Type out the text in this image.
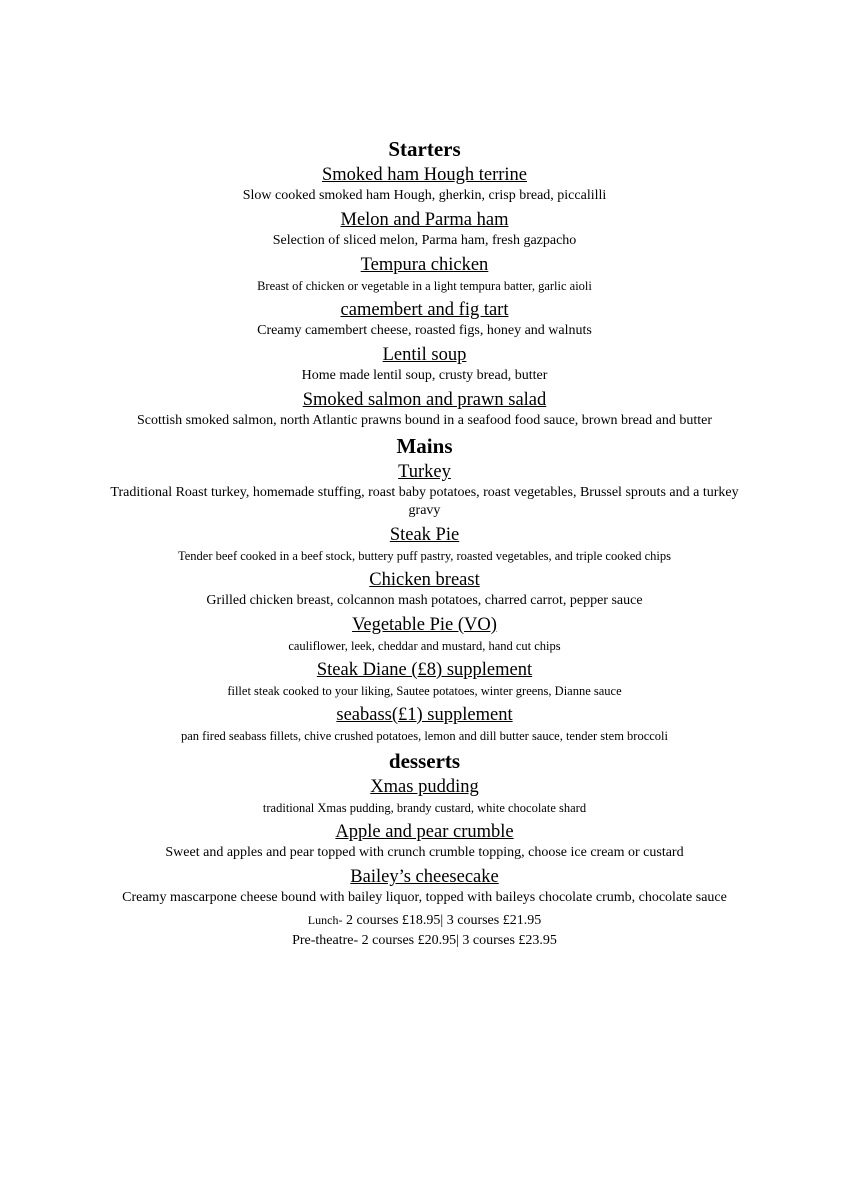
Starters

Smoked ham Hough terrine

Slow cooked smoked ham Hough, gherkin, crisp bread, piccalilli

Melon and Parma ham

Selection of sliced melon, Parma ham, fresh gazpacho

Tempura chicken

Breast of chicken or vegetable in a light tempura batter, garlic aioli

camembert and fig tart

Creamy camembert cheese, roasted figs, honey and walnuts

Lentil soup

Home made lentil soup, crusty bread, butter

Smoked salmon and prawn salad

Scottish smoked salmon, north Atlantic prawns bound in a seafood food sauce, brown bread and butter

Mains

Turkey

Traditional Roast turkey, homemade stuffing, roast baby potatoes, roast vegetables, Brussel sprouts and a turkey gravy

Steak Pie

Tender beef cooked in a beef stock, buttery puff pastry, roasted vegetables, and triple cooked chips

Chicken breast

Grilled chicken breast, colcannon mash potatoes, charred carrot, pepper sauce

Vegetable Pie (VO)

cauliflower, leek, cheddar and mustard, hand cut chips

Steak Diane (£8) supplement

fillet steak cooked to your liking, Sautee potatoes, winter greens, Dianne sauce

seabass(£1) supplement

pan fired seabass fillets, chive crushed potatoes, lemon and dill butter sauce, tender stem broccoli

desserts

Xmas pudding

traditional Xmas pudding, brandy custard, white chocolate shard

Apple and pear crumble

Sweet and apples and pear topped with crunch crumble topping, choose ice cream or custard

Bailey’s cheesecake

Creamy mascarpone cheese bound with bailey liquor, topped with baileys chocolate crumb, chocolate sauce

Lunch- 2 courses £18.95| 3 courses £21.95

Pre-theatre- 2 courses £20.95| 3 courses £23.95
